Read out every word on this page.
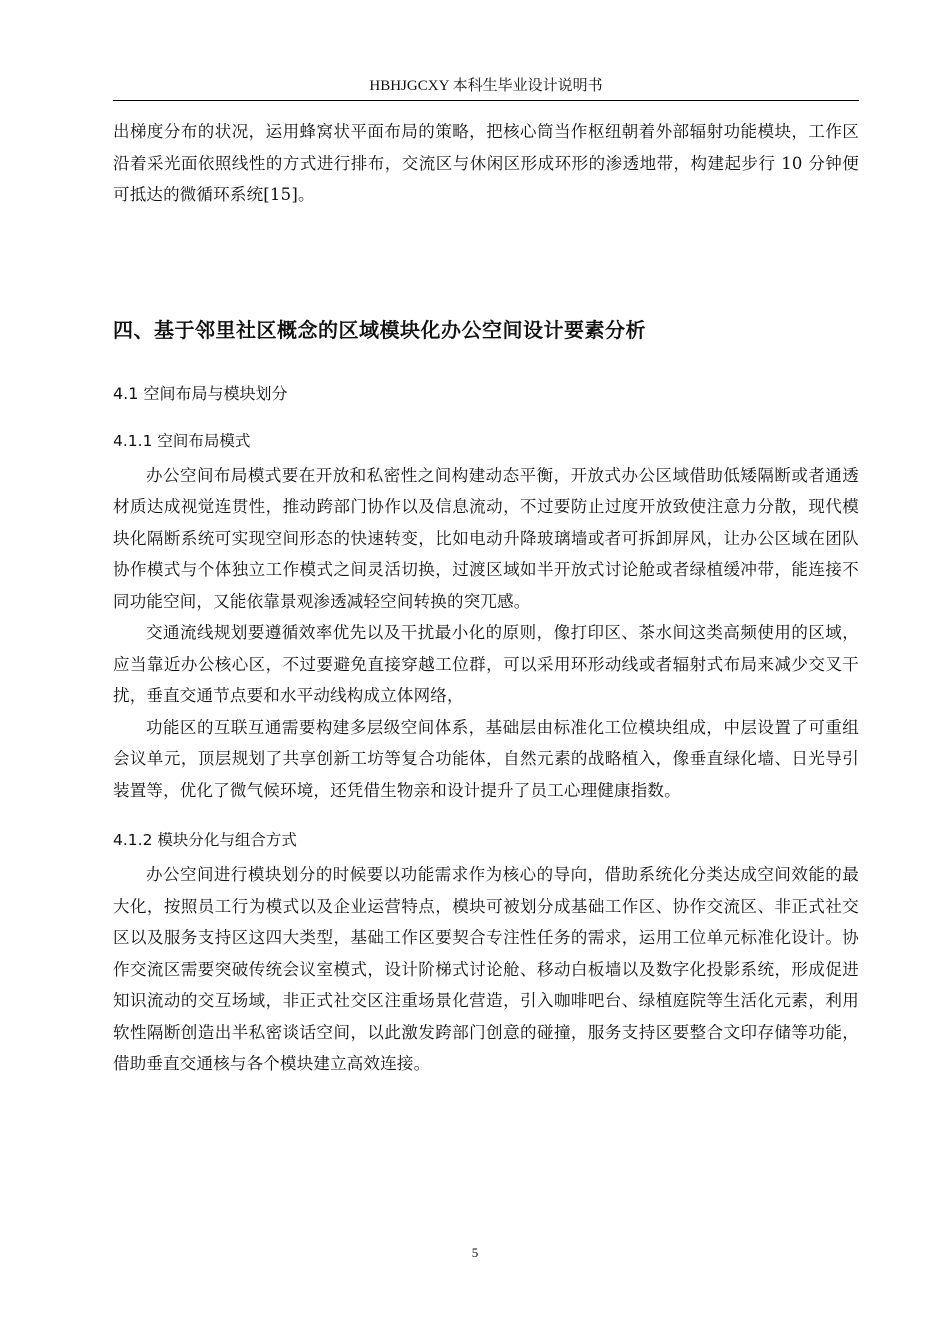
HBHJGCXY 本科生毕业设计说明书

出梯度分布的状况，运用蜂窝状平面布局的策略，把核心筒当作枢纽朝着外部辐射功能模块，工作区沿着采光面依照线性的方式进行排布，交流区与休闲区形成环形的渗透地带，构建起步行 10 分钟便可抵达的微循环系统[15]。

四、基于邻里社区概念的区域模块化办公空间设计要素分析
4.1 空间布局与模块划分
4.1.1 空间布局模式

办公空间布局模式要在开放和私密性之间构建动态平衡，开放式办公区域借助低矮隔断或者通透材质达成视觉连贯性，推动跨部门协作以及信息流动，不过要防止过度开放致使注意力分散，现代模块化隔断系统可实现空间形态的快速转变，比如电动升降玻璃墙或者可拆卸屏风，让办公区域在团队协作模式与个体独立工作模式之间灵活切换，过渡区域如半开放式讨论舱或者绿植缓冲带，能连接不同功能空间，又能依靠景观渗透减轻空间转换的突兀感。

交通流线规划要遵循效率优先以及干扰最小化的原则，像打印区、茶水间这类高频使用的区域，应当靠近办公核心区，不过要避免直接穿越工位群，可以采用环形动线或者辐射式布局来减少交叉干扰，垂直交通节点要和水平动线构成立体网络，

功能区的互联互通需要构建多层级空间体系，基础层由标准化工位模块组成，中层设置了可重组会议单元，顶层规划了共享创新工坊等复合功能体，自然元素的战略植入，像垂直绿化墙、日光导引装置等，优化了微气候环境，还凭借生物亲和设计提升了员工心理健康指数。

4.1.2 模块分化与组合方式

办公空间进行模块划分的时候要以功能需求作为核心的导向，借助系统化分类达成空间效能的最大化，按照员工行为模式以及企业运营特点，模块可被划分成基础工作区、协作交流区、非正式社交区以及服务支持区这四大类型，基础工作区要契合专注性任务的需求，运用工位单元标准化设计。协作交流区需要突破传统会议室模式，设计阶梯式讨论舱、移动白板墙以及数字化投影系统，形成促进知识流动的交互场域，非正式社交区注重场景化营造，引入咖啡吧台、绿植庭院等生活化元素，利用软性隔断创造出半私密谈话空间，以此激发跨部门创意的碰撞，服务支持区要整合文印存储等功能，借助垂直交通核与各个模块建立高效连接。

5
